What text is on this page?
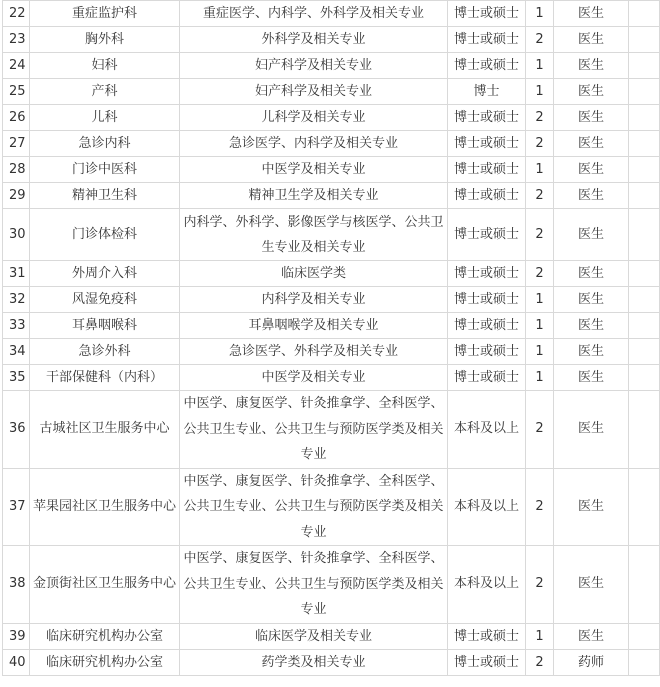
22	重症监护科	重症医学、内科学、外科学及相关专业	博士或硕士	1	医生	
23	胸外科	外科学及相关专业	博士或硕士	2	医生	
24	妇科	妇产科学及相关专业	博士或硕士	1	医生	
25	产科	妇产科学及相关专业	博士	1	医生	
26	儿科	儿科学及相关专业	博士或硕士	2	医生	
27	急诊内科	急诊医学、内科学及相关专业	博士或硕士	2	医生	
28	门诊中医科	中医学及相关专业	博士或硕士	1	医生	
29	精神卫生科	精神卫生学及相关专业	博士或硕士	2	医生	
30	门诊体检科	内科学、外科学、影像医学与核医学、公共卫生专业及相关专业	博士或硕士	2	医生	
31	外周介入科	临床医学类	博士或硕士	2	医生	
32	风湿免疫科	内科学及相关专业	博士或硕士	1	医生	
33	耳鼻咽喉科	耳鼻咽喉学及相关专业	博士或硕士	1	医生	
34	急诊外科	急诊医学、外科学及相关专业	博士或硕士	1	医生	
35	干部保健科（内科）	中医学及相关专业	博士或硕士	1	医生	
36	古城社区卫生服务中心	中医学、康复医学、针灸推拿学、全科医学、公共卫生专业、公共卫生与预防医学类及相关专业	本科及以上	2	医生	
37	苹果园社区卫生服务中心	中医学、康复医学、针灸推拿学、全科医学、公共卫生专业、公共卫生与预防医学类及相关专业	本科及以上	2	医生	
38	金顶街社区卫生服务中心	中医学、康复医学、针灸推拿学、全科医学、公共卫生专业、公共卫生与预防医学类及相关专业	本科及以上	2	医生	
39	临床研究机构办公室	临床医学及相关专业	博士或硕士	1	医生	
40	临床研究机构办公室	药学类及相关专业	博士或硕士	2	药师	
